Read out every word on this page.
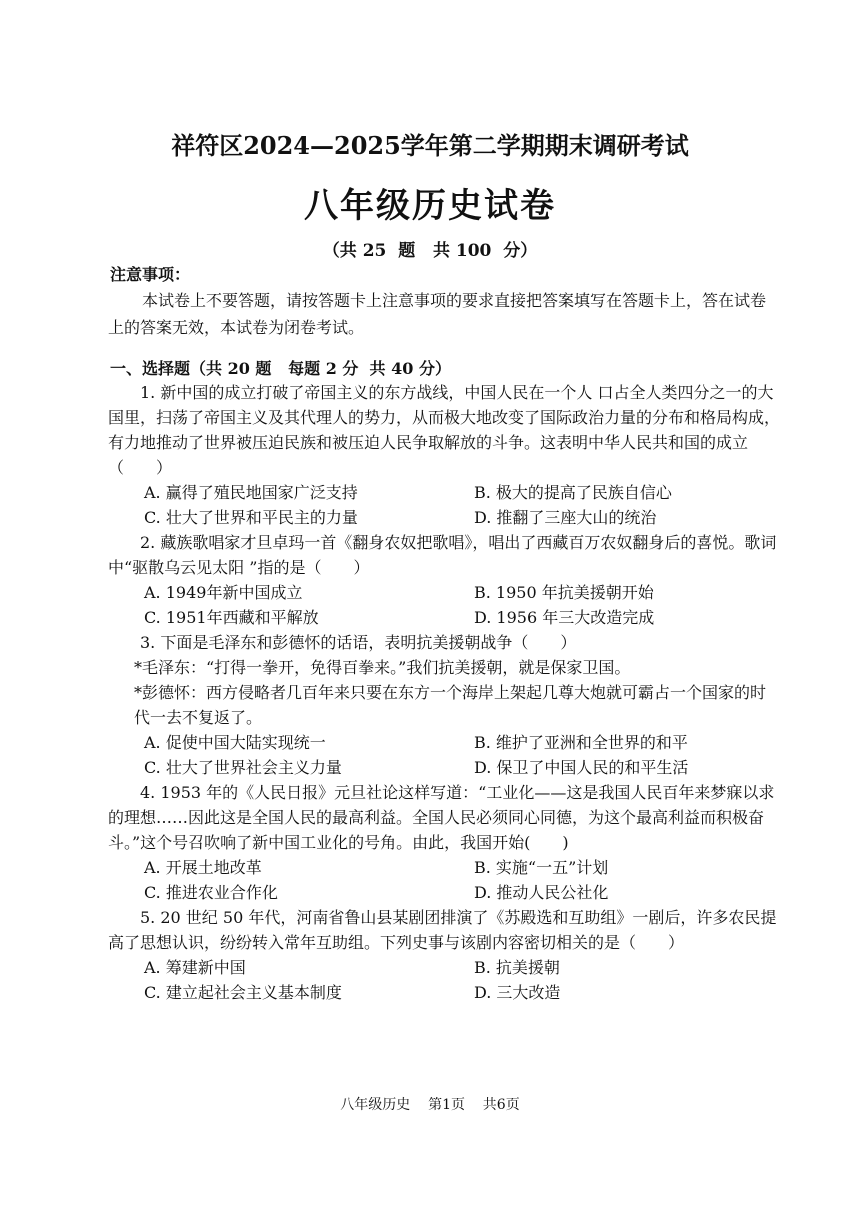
祥符区2024—2025学年第二学期期末调研考试
八年级历史试卷
（共 25  题   共 100  分）
注意事项：
本试卷上不要答题，请按答题卡上注意事项的要求直接把答案填写在答题卡上，答在试卷上的答案无效，本试卷为闭卷考试。
一、选择题（共 20 题   每题 2 分  共 40 分）

1. 新中国的成立打破了帝国主义的东方战线，中国人民在一个人 口占全人类四分之一的大国里，扫荡了帝国主义及其代理人的势力，从而极大地改变了国际政治力量的分布和格局构成，有力地推动了世界被压迫民族和被压迫人民争取解放的斗争。这表明中华人民共和国的成立（　　）

A. 赢得了殖民地国家广泛支持	B. 极大的提高了民族自信心
C. 壮大了世界和平民主的力量	D. 推翻了三座大山的统治

2. 藏族歌唱家才旦卓玛一首《翻身农奴把歌唱》，唱出了西藏百万农奴翻身后的喜悦。歌词中“驱散乌云见太阳 ”指的是（　　）

A. 1949年新中国成立	B. 1950 年抗美援朝开始
C. 1951年西藏和平解放	D. 1956 年三大改造完成

3. 下面是毛泽东和彭德怀的话语，表明抗美援朝战争（　　）

*毛泽东：“打得一拳开，免得百拳来。”我们抗美援朝，就是保家卫国。

*彭德怀：西方侵略者几百年来只要在东方一个海岸上架起几尊大炮就可霸占一个国家的时代一去不复返了。

A. 促使中国大陆实现统一	B. 维护了亚洲和全世界的和平
C. 壮大了世界社会主义力量	D. 保卫了中国人民的和平生活

4. 1953 年的《人民日报》元旦社论这样写道：“工业化——这是我国人民百年来梦寐以求的理想……因此这是全国人民的最高利益。全国人民必须同心同德，为这个最高利益而积极奋斗。”这个号召吹响了新中国工业化的号角。由此，我国开始(　　)

A. 开展土地改革	B. 实施“一五”计划
C. 推进农业合作化	D. 推动人民公社化

5. 20 世纪 50 年代，河南省鲁山县某剧团排演了《苏殿选和互助组》一剧后，许多农民提高了思想认识，纷纷转入常年互助组。下列史事与该剧内容密切相关的是（　　）

A. 筹建新中国	B. 抗美援朝
C. 建立起社会主义基本制度	D. 三大改造
八年级历史    第1页    共6页
